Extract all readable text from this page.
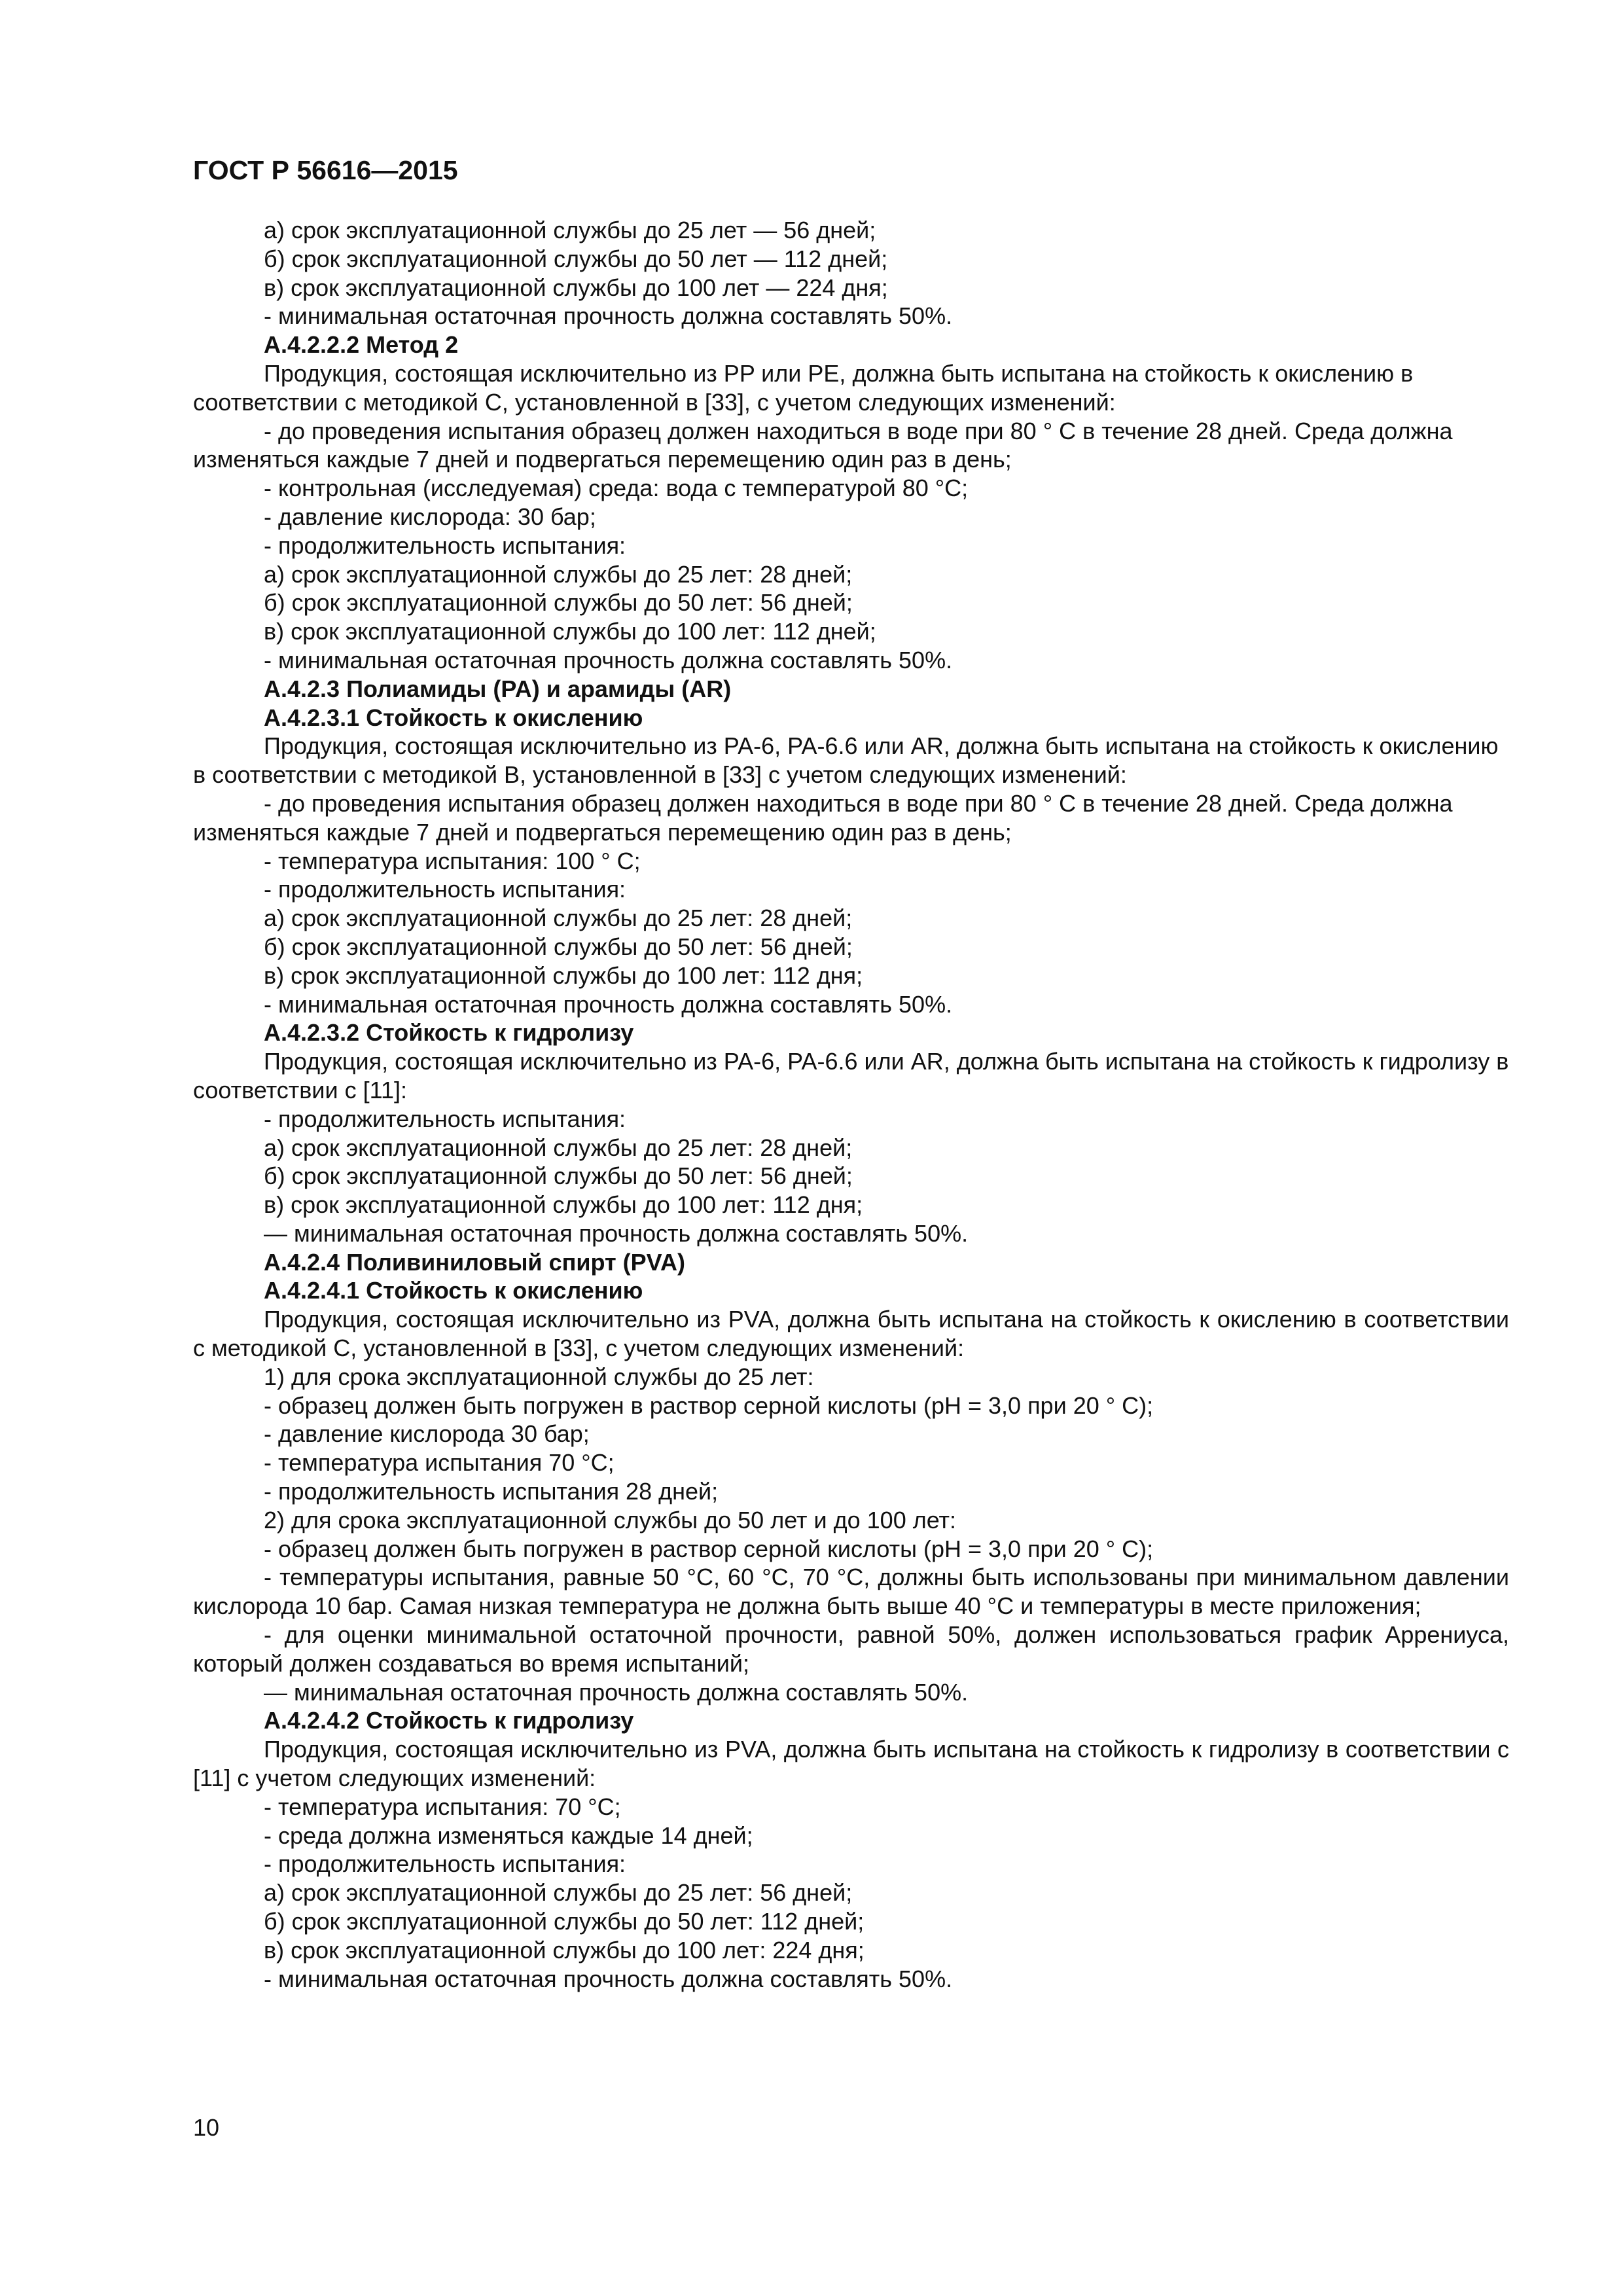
ГОСТ Р 56616—2015
а) срок эксплуатационной службы до 25 лет — 56 дней;
б) срок эксплуатационной службы до 50 лет — 112 дней;
в) срок эксплуатационной службы до 100 лет — 224 дня;
- минимальная остаточная прочность должна составлять 50%.
А.4.2.2.2 Метод 2
Продукция, состоящая исключительно из PP или PE, должна быть испытана на стойкость к окислению в соответствии с методикой C, установленной в [33], с учетом следующих изменений:
- до проведения испытания образец должен находиться в воде при 80 ° C в течение 28 дней. Среда должна изменяться каждые 7 дней и подвергаться перемещению один раз в день;
- контрольная (исследуемая) среда: вода с температурой 80 °C;
- давление кислорода: 30 бар;
- продолжительность испытания:
а) срок эксплуатационной службы до 25 лет: 28 дней;
б) срок эксплуатационной службы до 50 лет: 56 дней;
в) срок эксплуатационной службы до 100 лет: 112 дней;
- минимальная остаточная прочность должна составлять 50%.
А.4.2.3 Полиамиды (PA) и арамиды (AR)
А.4.2.3.1 Стойкость к окислению
Продукция, состоящая исключительно из PA-6, PA-6.6 или AR, должна быть испытана на стойкость к окислению в соответствии с методикой B, установленной в [33] с учетом следующих изменений:
- до проведения испытания образец должен находиться в воде при 80 ° C в течение 28 дней. Среда должна изменяться каждые 7 дней и подвергаться перемещению один раз в день;
- температура испытания: 100 ° C;
- продолжительность испытания:
а) срок эксплуатационной службы до 25 лет: 28 дней;
б) срок эксплуатационной службы до 50 лет: 56 дней;
в) срок эксплуатационной службы до 100 лет: 112 дня;
- минимальная остаточная прочность должна составлять 50%.
А.4.2.3.2 Стойкость к гидролизу
Продукция, состоящая исключительно из PA-6, PA-6.6 или AR, должна быть испытана на стойкость к гидролизу в соответствии с [11]:
- продолжительность испытания:
а) срок эксплуатационной службы до 25 лет: 28 дней;
б) срок эксплуатационной службы до 50 лет: 56 дней;
в) срок эксплуатационной службы до 100 лет: 112 дня;
— минимальная остаточная прочность должна составлять 50%.
А.4.2.4 Поливиниловый спирт (PVA)
А.4.2.4.1 Стойкость к окислению
Продукция, состоящая исключительно из PVA, должна быть испытана на стойкость к окислению в соответствии с методикой C, установленной в [33], с учетом следующих изменений:
1) для срока эксплуатационной службы до 25 лет:
- образец должен быть погружен в раствор серной кислоты (pH = 3,0 при 20 ° C);
- давление кислорода 30 бар;
- температура испытания 70 °C;
- продолжительность испытания 28 дней;
2) для срока эксплуатационной службы до 50 лет и до 100 лет:
- образец должен быть погружен в раствор серной кислоты (pH = 3,0 при 20 ° C);
- температуры испытания, равные 50 °C, 60 °C, 70 °C, должны быть использованы при минимальном давлении кислорода 10 бар. Самая низкая температура не должна быть выше 40 °C и температуры в месте приложения;
- для оценки минимальной остаточной прочности, равной 50%, должен использоваться график Аррениуса, который должен создаваться во время испытаний;
— минимальная остаточная прочность должна составлять 50%.
А.4.2.4.2 Стойкость к гидролизу
Продукция, состоящая исключительно из PVA, должна быть испытана на стойкость к гидролизу в соответствии с [11] с учетом следующих изменений:
- температура испытания: 70 °C;
- среда должна изменяться каждые 14 дней;
- продолжительность испытания:
а) срок эксплуатационной службы до 25 лет: 56 дней;
б) срок эксплуатационной службы до 50 лет: 112 дней;
в) срок эксплуатационной службы до 100 лет: 224 дня;
- минимальная остаточная прочность должна составлять 50%.
10
